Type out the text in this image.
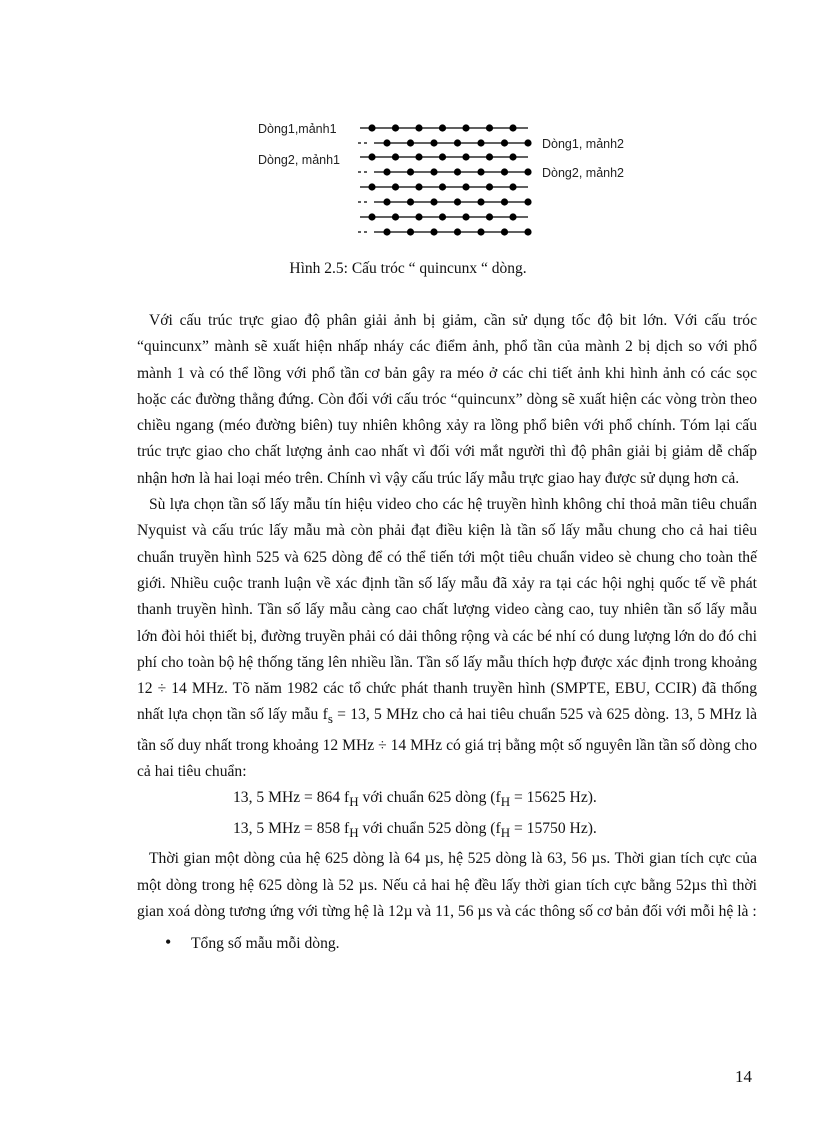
Dòng1,mảnh1
Dòng2, mảnh1
Dòng1, mảnh2
Dòng2, mảnh2

Hình 2.5: Cấu tróc “ quincunx “ dòng.

Với cấu trúc trực giao độ phân giải ảnh bị giảm, cần sử dụng tốc độ bit lớn. Với cấu tróc “quincunx” mành sẽ xuất hiện nhấp nháy các điểm ảnh, phổ tần của mành 2 bị dịch so với phổ mành 1 và có thể lồng với phổ tần cơ bản gây ra méo ở các chi tiết ảnh khi hình ảnh có các sọc hoặc các đường thẳng đứng. Còn đối với cấu tróc “quincunx” dòng sẽ xuất hiện các vòng tròn theo chiều ngang (méo đường biên) tuy nhiên không xảy ra lồng phổ biên với phổ chính. Tóm lại cấu trúc trực giao cho chất lượng ảnh cao nhất vì đối với mắt người thì độ phân giải bị giảm dễ chấp nhận hơn là hai loại méo trên. Chính vì vậy cấu trúc lấy mẫu trực giao hay được sử dụng hơn cả.

Sù lựa chọn tần số lấy mẫu tín hiệu video cho các hệ truyền hình không chỉ thoả mãn tiêu chuẩn Nyquist và cấu trúc lấy mẫu mà còn phải đạt điều kiện là tần số lấy mẫu chung cho cả hai tiêu chuẩn truyền hình 525 và 625 dòng để có thể tiến tới một tiêu chuẩn video sè chung cho toàn thế giới. Nhiều cuộc tranh luận về xác định tần số lấy mẫu đã xảy ra tại các hội nghị quốc tế về phát thanh truyền hình. Tần số lấy mẫu càng cao chất lượng video càng cao, tuy nhiên tần số lấy mẫu lớn đòi hỏi thiết bị, đường truyền phải có dải thông rộng và các bé nhí có dung lượng lớn do đó chi phí cho toàn bộ hệ thống tăng lên nhiều lần. Tần số lấy mẫu thích hợp được xác định trong khoảng 12 ÷ 14 MHz. Tõ năm 1982 các tổ chức phát thanh truyền hình (SMPTE, EBU, CCIR) đã thống nhất lựa chọn tần số lấy mẫu $f_s = 13$, 5 MHz cho cả hai tiêu chuẩn 525 và 625 dòng. 13, 5 MHz là tần số duy nhất trong khoảng 12 MHz ÷ 14 MHz có giá trị bằng một số nguyên lần tần số dòng cho cả hai tiêu chuẩn:

13, 5 MHz = 864 $f_H$ với chuẩn 625 dòng ($f_H = 15625$ Hz).

13, 5 MHz = 858 $f_H$ với chuẩn 525 dòng ($f_H = 15750$ Hz).

Thời gian một dòng của hệ 625 dòng là 64 µs, hệ 525 dòng là 63, 56 µs. Thời gian tích cực của một dòng trong hệ 625 dòng là 52 µs. Nếu cả hai hệ đều lấy thời gian tích cực bằng 52µs thì thời gian xoá dòng tương ứng với từng hệ là 12µ và 11, 56 µs và các thông số cơ bản đối với mỗi hệ là :

• Tổng số mẫu mỗi dòng.

14
